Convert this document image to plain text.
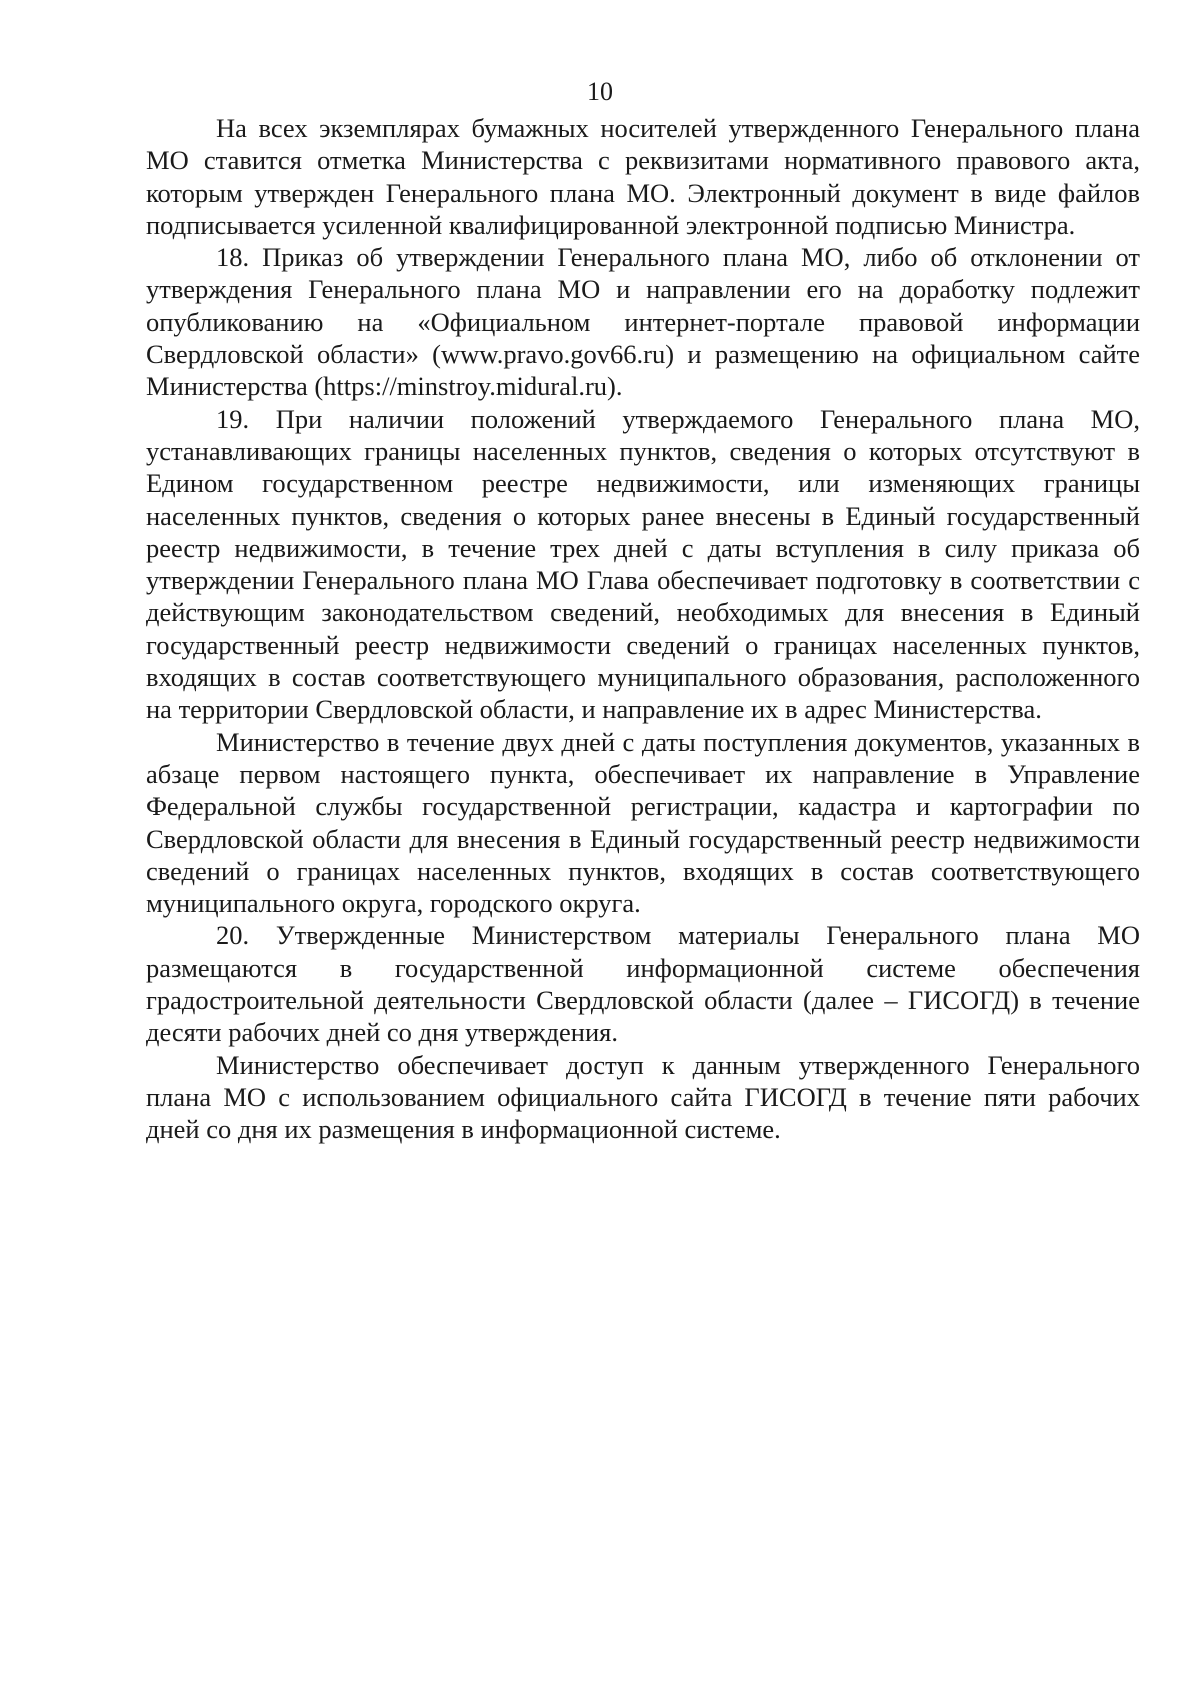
10

На всех экземплярах бумажных носителей утвержденного Генерального плана МО ставится отметка Министерства с реквизитами нормативного правового акта, которым утвержден Генерального плана МО. Электронный документ в виде файлов подписывается усиленной квалифицированной электронной подписью Министра.

18. Приказ об утверждении Генерального плана МО, либо об отклонении от утверждения Генерального плана МО и направлении его на доработку подлежит опубликованию на «Официальном интернет-портале правовой информации Свердловской области» (www.pravo.gov66.ru) и размещению на официальном сайте Министерства (https://minstroy.midural.ru).

19. При наличии положений утверждаемого Генерального плана МО, устанавливающих границы населенных пунктов, сведения о которых отсутствуют в Едином государственном реестре недвижимости, или изменяющих границы населенных пунктов, сведения о которых ранее внесены в Единый государственный реестр недвижимости, в течение трех дней с даты вступления в силу приказа об утверждении Генерального плана МО Глава обеспечивает подготовку в соответствии с действующим законодательством сведений, необходимых для внесения в Единый государственный реестр недвижимости сведений о границах населенных пунктов, входящих в состав соответствующего муниципального образования, расположенного на территории Свердловской области, и направление их в адрес Министерства.

Министерство в течение двух дней с даты поступления документов, указанных в абзаце первом настоящего пункта, обеспечивает их направление в Управление Федеральной службы государственной регистрации, кадастра и картографии по Свердловской области для внесения в Единый государственный реестр недвижимости сведений о границах населенных пунктов, входящих в состав соответствующего муниципального округа, городского округа.

20. Утвержденные Министерством материалы Генерального плана МО размещаются в государственной информационной системе обеспечения градостроительной деятельности Свердловской области (далее – ГИСОГД) в течение десяти рабочих дней со дня утверждения.

Министерство обеспечивает доступ к данным утвержденного Генерального плана МО с использованием официального сайта ГИСОГД в течение пяти рабочих дней со дня их размещения в информационной системе.
